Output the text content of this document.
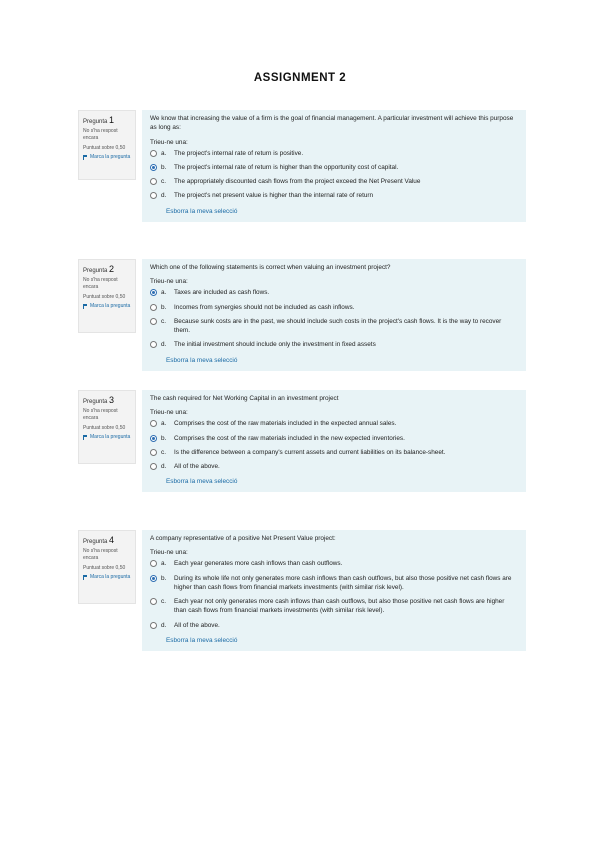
ASSIGNMENT 2
Pregunta 1
No s'ha respost encara
Puntuat sobre 0,50
Marca la pregunta
We know that increasing the value of a firm is the goal of financial management. A particular investment will achieve this purpose as long as:
Trieu-ne una:
a.	The project's internal rate of return is positive.
b.	The project's internal rate of return is higher than the opportunity cost of capital.
c.	The appropriately discounted cash flows from the project exceed the Net Present Value
d.	The project's net present value is higher than the internal rate of return
Esborra la meva selecció
Pregunta 2
No s'ha respost encara
Puntuat sobre 0,50
Marca la pregunta
Which one of the following statements is correct when valuing an investment project?
Trieu-ne una:
a.	Taxes are included as cash flows.
b.	Incomes from synergies should not be included as cash inflows.
c.	Because sunk costs are in the past, we should include such costs in the project's cash flows. It is the way to recover them.
d.	The initial investment should include only the investment in fixed assets
Esborra la meva selecció
Pregunta 3
No s'ha respost encara
Puntuat sobre 0,50
Marca la pregunta
The cash required for Net Working Capital in an investment project
Trieu-ne una:
a.	Comprises the cost of the raw materials included in the expected annual sales.
b.	Comprises the cost of the raw materials included in the new expected inventories.
c.	Is the difference between a company's current assets and current liabilities on its balance-sheet.
d.	All of the above.
Esborra la meva selecció
Pregunta 4
No s'ha respost encara
Puntuat sobre 0,50
Marca la pregunta
A company representative of a positive Net Present Value project:
Trieu-ne una:
a.	Each year generates more cash inflows than cash outflows.
b.	During its whole life not only generates more cash inflows than cash outflows, but also those positive net cash flows are higher than cash flows from financial markets investments (with similar risk level).
c.	Each year not only generates more cash inflows than cash outflows, but also those positive net cash flows are higher than cash flows from financial markets investments (with similar risk level).
d.	All of the above.
Esborra la meva selecció
